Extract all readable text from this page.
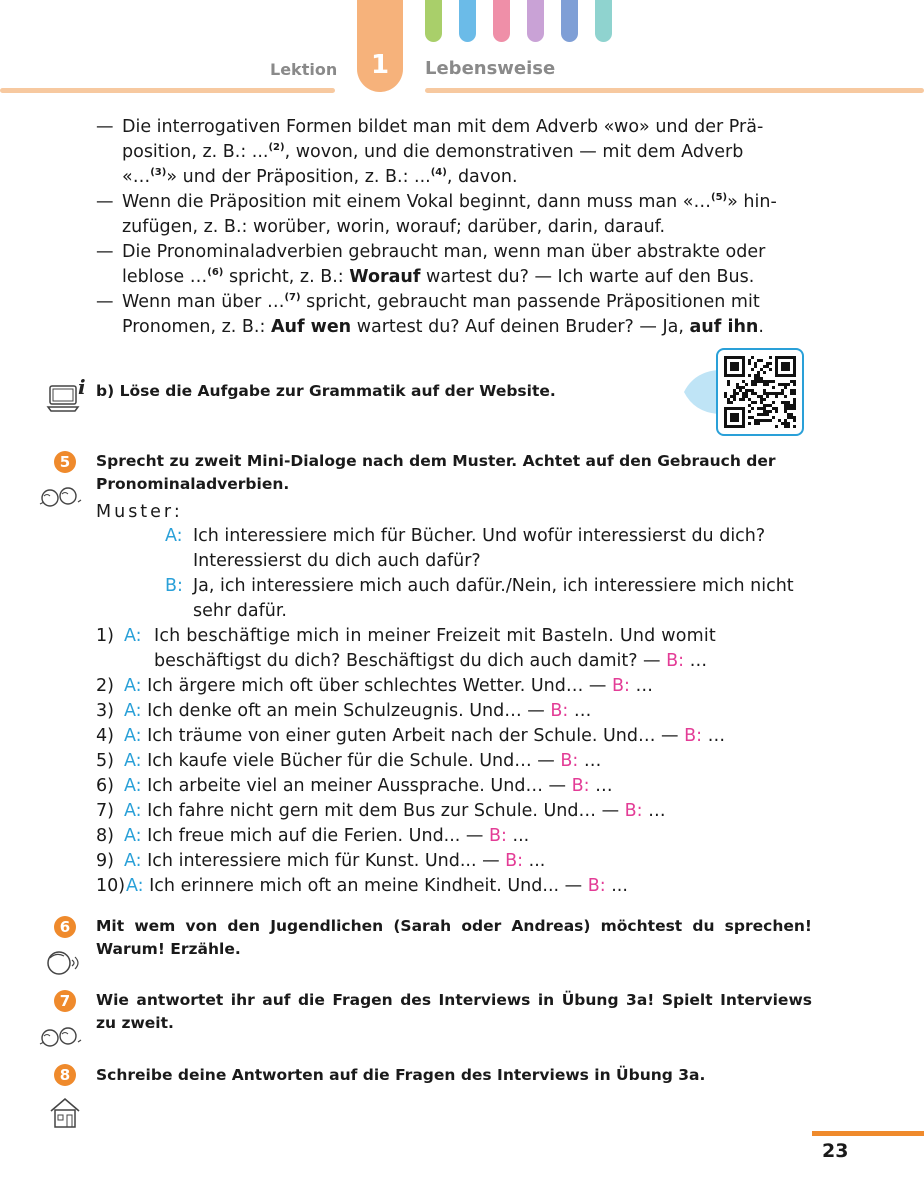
1
Lektion	Lebensweise
— Die interrogativen Formen bildet man mit dem Adverb «wo» und der Prä-
position, z. B.: ...$^{(2)}$, wovon, und die demonstrativen — mit dem Adverb
«…$^{(3)}$» und der Präposition, z. B.: ...$^{(4)}$, davon.
— Wenn die Präposition mit einem Vokal beginnt, dann muss man «…$^{(5)}$» hin-
zufügen, z. B.: worüber, worin, worauf; darüber, darin, darauf.
— Die Pronominaladverbien gebraucht man, wenn man über abstrakte oder
leblose …$^{(6)}$ spricht, z. B.: Worauf wartest du? — Ich warte auf den Bus.
— Wenn man über …$^{(7)}$ spricht, gebraucht man passende Präpositionen mit
Pronomen, z. B.: Auf wen wartest du? Auf deinen Bruder? — Ja, auf ihn.
i b) Löse die Aufgabe zur Grammatik auf der Website.
5	Sprecht zu zweit Mini-Dialoge nach dem Muster. Achtet auf den Gebrauch der Pronominaladverbien.
Muster:
A: Ich interessiere mich für Bücher. Und wofür interessierst du dich?
Interessierst du dich auch dafür?
B: Ja, ich interessiere mich auch dafür./Nein, ich interessiere mich nicht
sehr dafür.
1) A: Ich beschäftige mich in meiner Freizeit mit Basteln. Und womit
beschäftigst du dich? Beschäftigst du dich auch damit? — B: …
2) A: Ich ärgere mich oft über schlechtes Wetter. Und… — B: …
3) A: Ich denke oft an mein Schulzeugnis. Und… — B: …
4) A: Ich träume von einer guten Arbeit nach der Schule. Und… — B: …
5) A: Ich kaufe viele Bücher für die Schule. Und… — B: …
6) A: Ich arbeite viel an meiner Aussprache. Und… — B: …
7) A: Ich fahre nicht gern mit dem Bus zur Schule. Und… — B: …
8) A: Ich freue mich auf die Ferien. Und... — B: ...
9) A: Ich interessiere mich für Kunst. Und... — B: ...
10) A: Ich erinnere mich oft an meine Kindheit. Und... — B: ...
6	Mit wem von den Jugendlichen (Sarah oder Andreas) möchtest du sprechen! Warum! Erzähle.
7	Wie antwortet ihr auf die Fragen des Interviews in Übung 3a! Spielt Interviews zu zweit.
8	Schreibe deine Antworten auf die Fragen des Interviews in Übung 3a.
23
